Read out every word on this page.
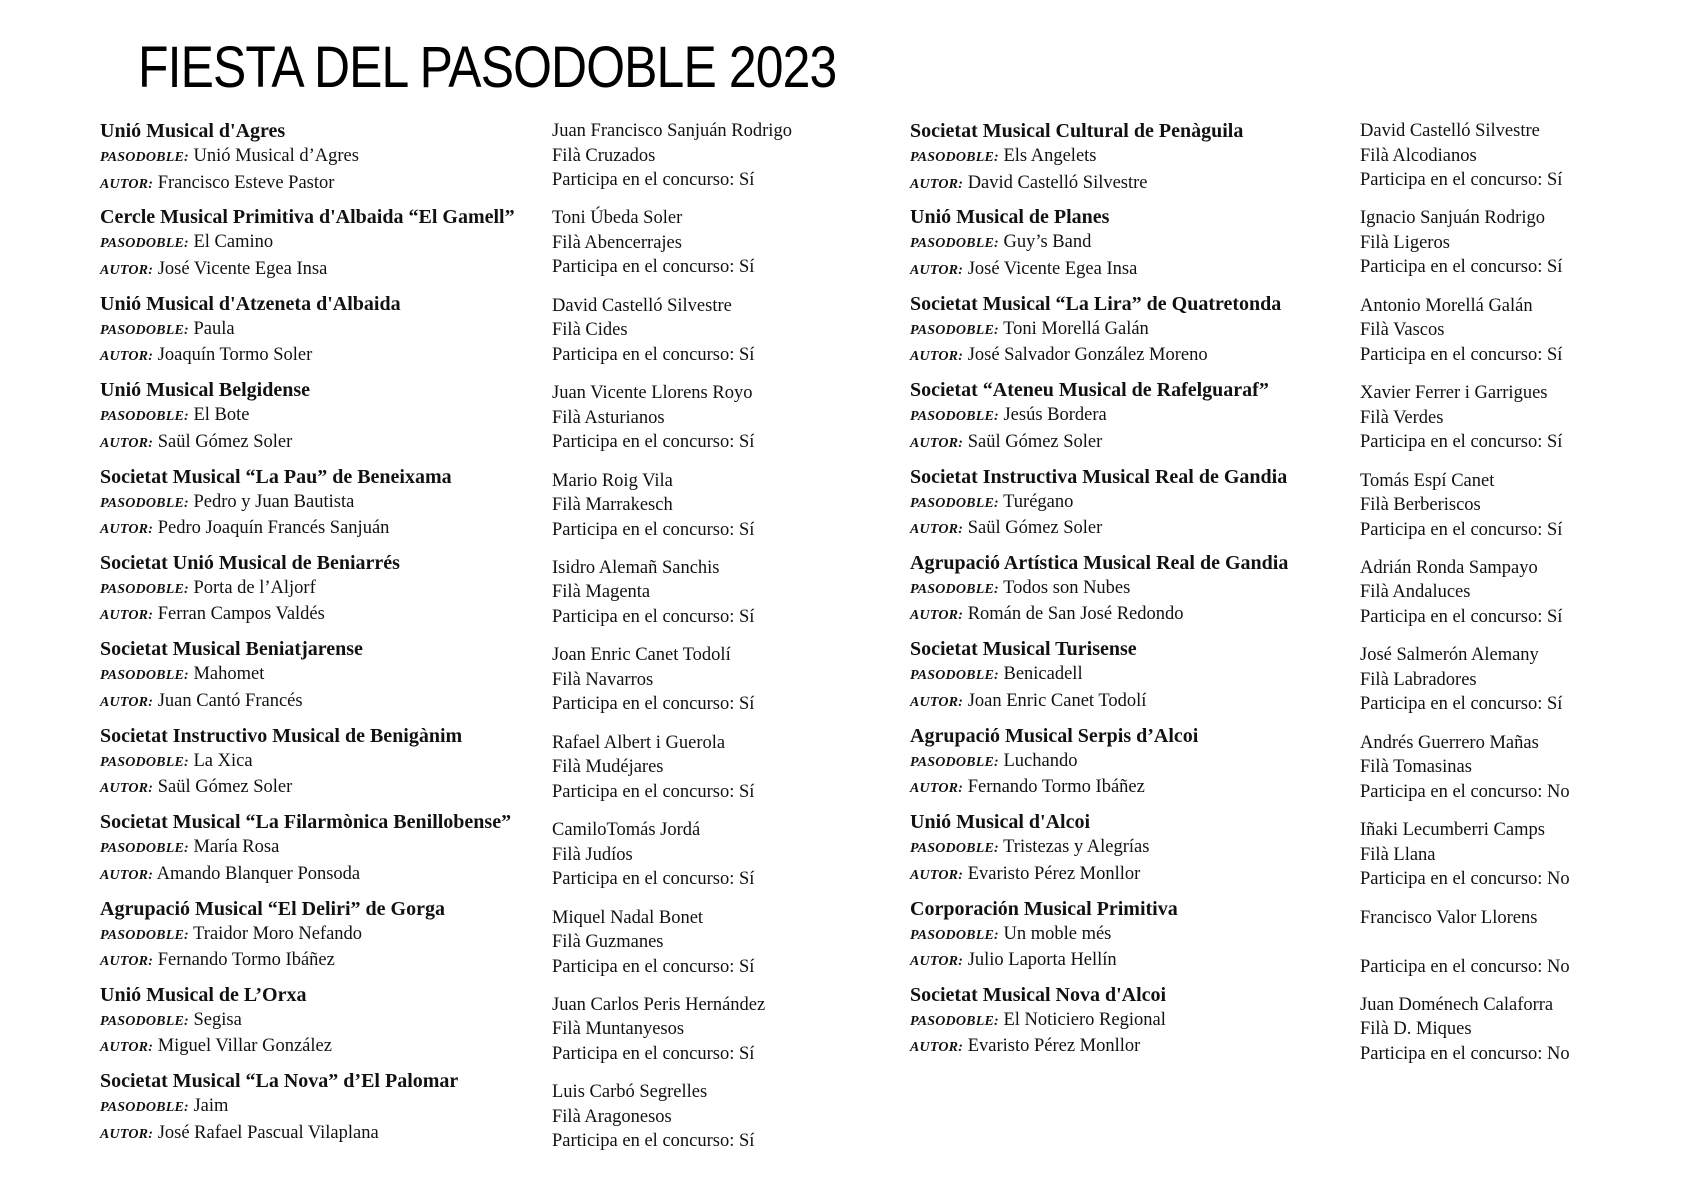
FIESTA DEL PASODOBLE 2023
Unió Musical d'Agres
PASODOBLE: Unió Musical d’Agres
AUTOR: Francisco Esteve Pastor
Cercle Musical Primitiva d'Albaida “El Gamell”
PASODOBLE: El Camino
AUTOR: José Vicente Egea Insa
Unió Musical d'Atzeneta d'Albaida
PASODOBLE: Paula
AUTOR: Joaquín Tormo Soler
Unió Musical Belgidense
PASODOBLE: El Bote
AUTOR: Saül Gómez Soler
Societat Musical “La Pau” de Beneixama
PASODOBLE: Pedro y Juan Bautista
AUTOR: Pedro Joaquín Francés Sanjuán
Societat Unió Musical de Beniarrés
PASODOBLE: Porta de l’Aljorf
AUTOR: Ferran Campos Valdés
Societat Musical Beniatjarense
PASODOBLE: Mahomet
AUTOR: Juan Cantó Francés
Societat Instructivo Musical de Benigànim
PASODOBLE: La Xica
AUTOR: Saül Gómez Soler
Societat Musical “La Filarmònica Benillobense”
PASODOBLE: María Rosa
AUTOR: Amando Blanquer Ponsoda
Agrupació Musical “El Deliri” de Gorga
PASODOBLE: Traidor Moro Nefando
AUTOR: Fernando Tormo Ibáñez
Unió Musical de L’Orxa
PASODOBLE: Segisa
AUTOR: Miguel Villar González
Societat Musical “La Nova” d’El Palomar
PASODOBLE: Jaim
AUTOR: José Rafael Pascual Vilaplana
Juan Francisco Sanjuán Rodrigo
Filà Cruzados
Participa en el concurso: Sí
Toni Úbeda Soler
Filà Abencerrajes
Participa en el concurso: Sí
David Castelló Silvestre
Filà Cides
Participa en el concurso: Sí
Juan Vicente Llorens Royo
Filà Asturianos
Participa en el concurso: Sí
Mario Roig Vila
Filà Marrakesch
Participa en el concurso: Sí
Isidro Alemañ Sanchis
Filà Magenta
Participa en el concurso: Sí
Joan Enric Canet Todolí
Filà Navarros
Participa en el concurso: Sí
Rafael Albert i Guerola
Filà Mudéjares
Participa en el concurso: Sí
CamiloTomás Jordá
Filà Judíos
Participa en el concurso: Sí
Miquel Nadal Bonet
Filà Guzmanes
Participa en el concurso: Sí
Juan Carlos Peris Hernández
Filà Muntanyesos
Participa en el concurso: Sí
Luis Carbó Segrelles
Filà Aragonesos
Participa en el concurso: Sí
Societat Musical Cultural de Penàguila
PASODOBLE: Els Angelets
AUTOR: David Castelló Silvestre
Unió Musical de Planes
PASODOBLE: Guy’s Band
AUTOR: José Vicente Egea Insa
Societat Musical “La Lira” de Quatretonda
PASODOBLE: Toni Morellá Galán
AUTOR: José Salvador González Moreno
Societat “Ateneu Musical de Rafelguaraf”
PASODOBLE: Jesús Bordera
AUTOR: Saül Gómez Soler
Societat Instructiva Musical Real de Gandia
PASODOBLE: Turégano
AUTOR: Saül Gómez Soler
Agrupació Artística Musical Real de Gandia
PASODOBLE: Todos son Nubes
AUTOR: Román de San José Redondo
Societat Musical Turisense
PASODOBLE: Benicadell
AUTOR: Joan Enric Canet Todolí
Agrupació Musical Serpis d’Alcoi
PASODOBLE: Luchando
AUTOR: Fernando Tormo Ibáñez
Unió Musical d'Alcoi
PASODOBLE: Tristezas y Alegrías
AUTOR: Evaristo Pérez Monllor
Corporación Musical Primitiva
PASODOBLE: Un moble més
AUTOR: Julio Laporta Hellín
Societat Musical Nova d'Alcoi
PASODOBLE: El Noticiero Regional
AUTOR: Evaristo Pérez Monllor
David Castelló Silvestre
Filà Alcodianos
Participa en el concurso: Sí
Ignacio Sanjuán Rodrigo
Filà Ligeros
Participa en el concurso: Sí
Antonio Morellá Galán
Filà Vascos
Participa en el concurso: Sí
Xavier Ferrer i Garrigues
Filà Verdes
Participa en el concurso: Sí
Tomás Espí Canet
Filà Berberiscos
Participa en el concurso: Sí
Adrián Ronda Sampayo
Filà Andaluces
Participa en el concurso: Sí
José Salmerón Alemany
Filà Labradores
Participa en el concurso: Sí
Andrés Guerrero Mañas
Filà Tomasinas
Participa en el concurso: No
Iñaki Lecumberri Camps
Filà Llana
Participa en el concurso: No
Francisco Valor Llorens
Participa en el concurso: No
Juan Doménech Calaforra
Filà D. Miques
Participa en el concurso: No
